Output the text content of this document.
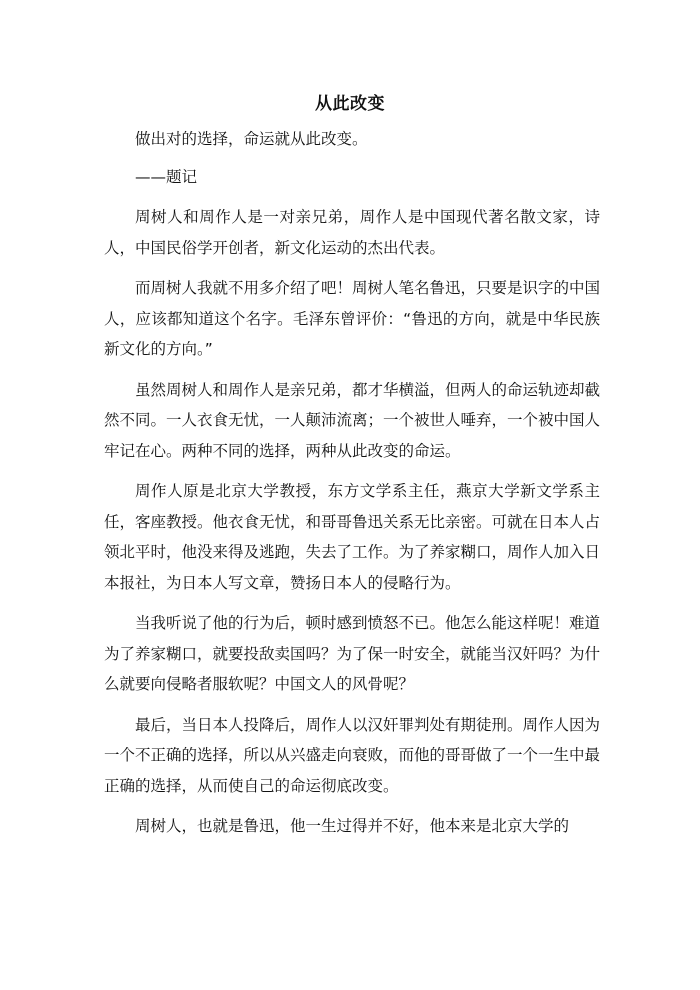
从此改变

做出对的选择，命运就从此改变。

——题记

周树人和周作人是一对亲兄弟，周作人是中国现代著名散文家，诗人，中国民俗学开创者，新文化运动的杰出代表。

而周树人我就不用多介绍了吧！周树人笔名鲁迅，只要是识字的中国人，应该都知道这个名字。毛泽东曾评价：“鲁迅的方向，就是中华民族新文化的方向。”

虽然周树人和周作人是亲兄弟，都才华横溢，但两人的命运轨迹却截然不同。一人衣食无忧，一人颠沛流离；一个被世人唾弃，一个被中国人牢记在心。两种不同的选择，两种从此改变的命运。

周作人原是北京大学教授，东方文学系主任，燕京大学新文学系主任，客座教授。他衣食无忧，和哥哥鲁迅关系无比亲密。可就在日本人占领北平时，他没来得及逃跑，失去了工作。为了养家糊口，周作人加入日本报社，为日本人写文章，赞扬日本人的侵略行为。

当我听说了他的行为后，顿时感到愤怒不已。他怎么能这样呢！难道为了养家糊口，就要投敌卖国吗？为了保一时安全，就能当汉奸吗？为什么就要向侵略者服软呢？中国文人的风骨呢？

最后，当日本人投降后，周作人以汉奸罪判处有期徒刑。周作人因为一个不正确的选择，所以从兴盛走向衰败，而他的哥哥做了一个一生中最正确的选择，从而使自己的命运彻底改变。

周树人，也就是鲁迅，他一生过得并不好，他本来是北京大学的
